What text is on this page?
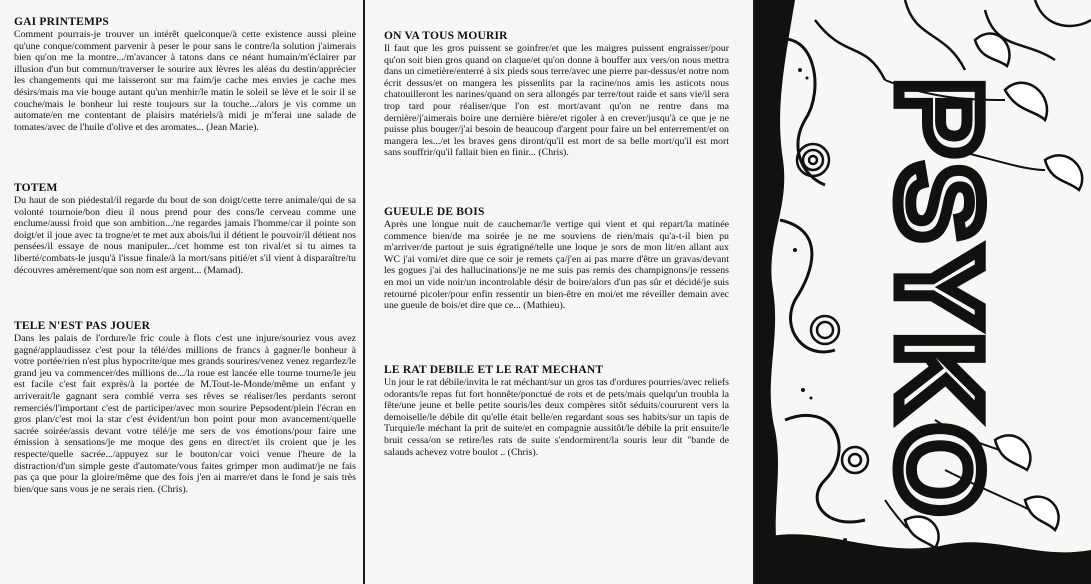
GAI PRINTEMPS

Comment pourrais-je trouver un intérêt quelconque/à cette existence aussi pleine qu'une conque/comment parvenir à peser le pour sans le contre/la solution j'aimerais bien qu'on me la montre.../m'avancer à tatons dans ce néant humain/m'éclairer par illusion d'un but commun/traverser le sourire aux lèvres les aléas du destin/apprécier les changements qui me laisseront sur ma faim/je cache mes envies je cache mes désirs/mais ma vie bouge autant qu'un menhir/le matin le soleil se lève et le soir il se couche/mais le bonheur lui reste toujours sur la touche.../alors je vis comme un automate/en me contentant de plaisirs matériels/à midi je m'ferai une salade de tomates/avec de l'huile d'olive et des aromates... (Jean Marie).

TOTEM

Du haut de son piédestal/il regarde du bout de son doigt/cette terre animale/qui de sa volonté tournoie/bon dieu il nous prend pour des cons/le cerveau comme une enclume/aussi froid que son ambition.../ne regardes jamais l'homme/car il pointe son doigt/et il joue avec ta trogne/et te met aux abois/lui il détient le pouvoir/il détient nos pensées/il essaye de nous manipuler.../cet homme est ton rival/et si tu aimes ta liberté/combats-le jusqu'à l'issue finale/à la mort/sans pitié/et s'il vient à disparaître/tu découvres amèrement/que son nom est argent... (Mamad).

TELE N'EST PAS JOUER

Dans les palais de l'ordure/le fric coule à flots c'est une injure/souriez vous avez gagné/applaudissez c'est pour la télé/des millions de francs à gagner/le bonheur à votre portée/rien n'est plus hypocrite/que mes grands sourires/venez venez regardez/le grand jeu va commencer/des millions de.../la roue est lancée elle tourne tourne/le jeu est facile c'est fait exprès/à la portée de M.Tout-le-Monde/même un enfant y arriverait/le gagnant sera comblé verra ses rêves se réaliser/les perdants seront remerciés/l'important c'est de participer/avec mon sourire Pepsodent/plein l'écran en gros plan/c'est moi la star c'est évident/un bon point pour mon avancement/quelle sacrée soirée/assis devant votre télé/je me sers de vos émotions/pour faire une émission à sensations/je me moque des gens en direct/et ils croient que je les respecte/quelle sacrée.../appuyez sur le bouton/car voici venue l'heure de la distraction/d'un simple geste d'automate/vous faites grimper mon audimat/je ne fais pas ça que pour la gloire/même que des fois j'en ai marre/et dans le fond je sais très bien/que sans vous je ne serais rien. (Chris).

ON VA TOUS MOURIR

Il faut que les gros puissent se goinfrer/et que les maigres puissent engraisser/pour qu'on soit bien gros quand on claque/et qu'on donne à bouffer aux vers/on nous mettra dans un cimetière/enterré à six pieds sous terre/avec une pierre par-dessus/et notre nom écrit dessus/et on mangera les pissenlits par la racine/nos amis les asticots nous chatouilleront les narines/quand on sera allongés par terre/tout raide et sans vie/il sera trop tard pour réaliser/que l'on est mort/avant qu'on ne rentre dans ma dernière/j'aimerais boire une dernière bière/et rigoler à en crever/jusqu'à ce que je ne puisse plus bouger/j'ai besoin de beaucoup d'argent pour faire un bel enterrement/et on mangera les.../et les braves gens diront/qu'il est mort de sa belle mort/qu'il est mort sans souffrir/qu'il fallait bien en finir... (Chris).

GUEULE DE BOIS

Après une longue nuit de cauchemar/le vertige qui vient et qui repart/la matinée commence bien/de ma soirée je ne me souviens de rien/mais qu'a-t-il bien pu m'arriver/de partout je suis égratigné/telle une loque je sors de mon lit/en allant aux WC j'ai vomi/et dire que ce soir je remets ça/j'en ai pas marre d'être un gravas/devant les gogues j'ai des hallucinations/je ne me suis pas remis des champignons/je ressens en moi un vide noir/un incontrolable désir de boire/alors d'un pas sûr et décidé/je suis retourné picoler/pour enfin ressentir un bien-être en moi/et me réveiller demain avec une gueule de bois/et dire que ce... (Mathieu).

LE RAT DEBILE ET LE RAT MECHANT

Un jour le rat débile/invita le rat méchant/sur un gros tas d'ordures pourries/avec reliefs odorants/le repas fut fort honnête/ponctué de rots et de pets/mais quelqu'un troubla la fête/une jeune et belle petite souris/les deux compères sitôt séduits/coururent vers la demoiselle/le débile dit qu'elle était belle/en regardant sous ses habits/sur un tapis de Turquie/le méchant la prit de suite/et en compagnie aussitôt/le débile la prit ensuite/le bruit cessa/on se retire/les rats de suite s'endormirent/la souris leur dit "bande de salauds achevez votre boulot .. (Chris).	PSYKO
